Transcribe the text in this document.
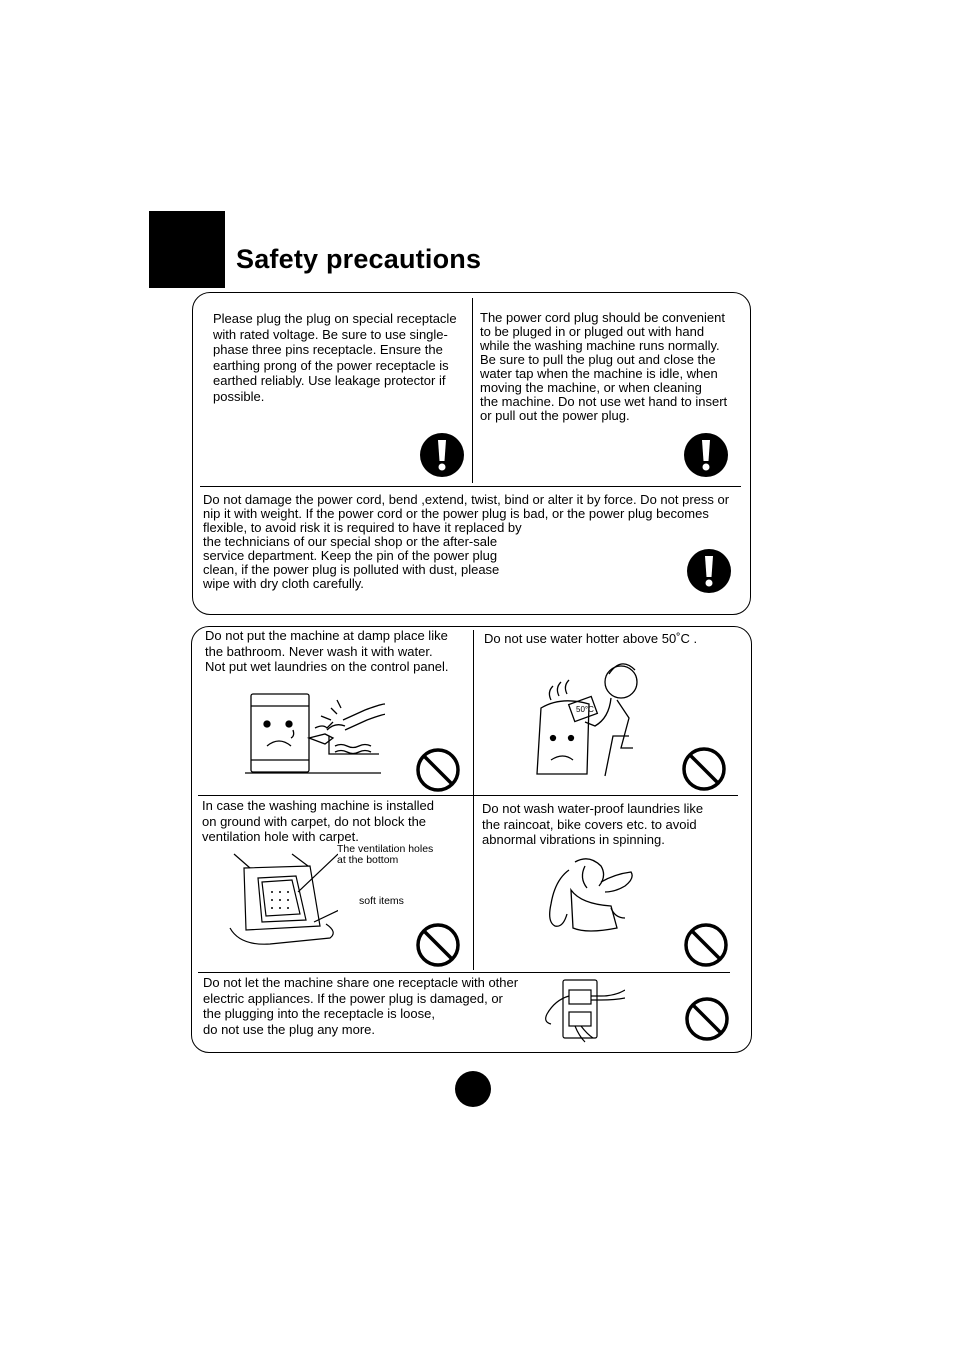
Safety precautions
Please plug the plug on special receptacle
with rated voltage. Be sure to use single-
phase three pins receptacle. Ensure the
earthing prong of the power receptacle is
earthed reliably. Use leakage protector if
possible.
The power cord plug should be convenient
to be pluged in or pluged out with hand
while the washing machine runs normally.
Be sure to pull the plug out and close the
water tap when the machine is idle, when
moving the machine, or when cleaning
the machine. Do not use wet hand to insert
or pull out the power plug.
Do not damage the power cord, bend ,extend, twist, bind or alter it by force. Do not press or
nip it with weight. If the power cord or the power plug is bad, or the power plug becomes
flexible, to avoid risk it is required to have it replaced by
the technicians of our special shop or the after-sale
service department. Keep the pin of the power plug
clean, if the power plug is polluted with dust, please
wipe with dry cloth carefully.
Do not put the machine at damp place like
the bathroom. Never wash it with water.
Not put wet laundries on the control panel.
Do not use water hotter above 50˚C .
In case the washing machine is installed
on ground with carpet, do not block the
ventilation hole with carpet.
The ventilation holes
at the bottom
soft items
Do not wash water-proof laundries like
the raincoat, bike covers etc. to avoid
abnormal vibrations in spinning.
Do not let the machine share one receptacle with other
electric appliances. If the power plug is damaged, or
the plugging into the receptacle is loose,
do not use the plug any more.
50°C
